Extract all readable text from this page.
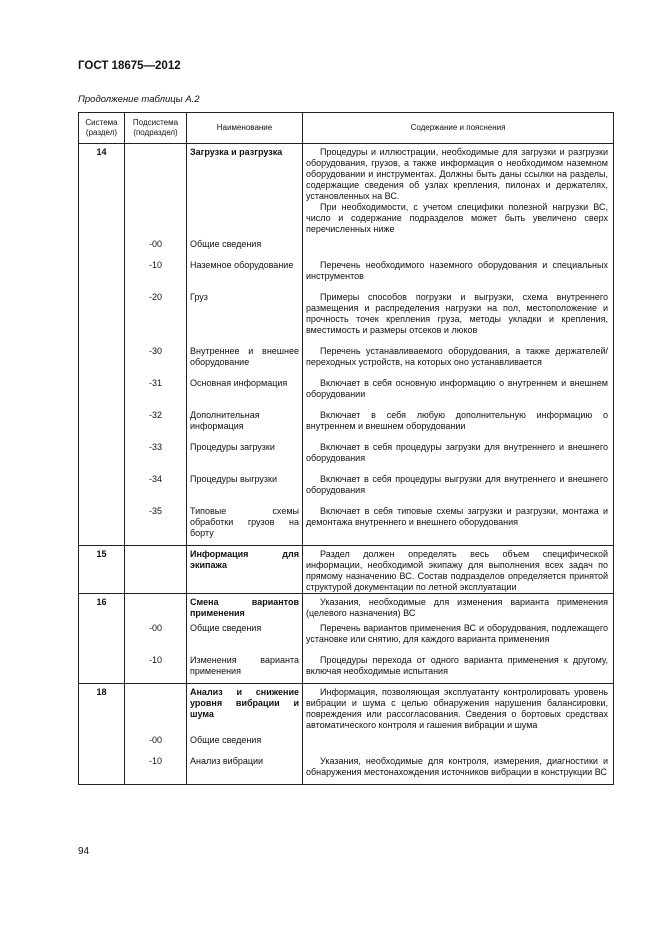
ГОСТ 18675—2012
Продолжение таблицы А.2
Система (раздел)	Подсистема (подраздел)	Наименование	Содержание и пояснения
14		Загрузка и разгрузка	Процедуры и иллюстрации, необходимые для загрузки и разгрузки оборудования, грузов, а также информация о необходимом наземном оборудовании и инструментах. Должны быть даны ссылки на разделы, содержащие сведения об узлах крепления, пилонах и держателях, установленных на ВС.

При необходимости, с учетом специфики полезной нагрузки ВС, число и содержание подразделов может быть увеличено сверх перечисленных ниже

	-00	Общие сведения	

	-10	Наземное оборудование	Перечень необходимого наземного оборудования и специальных инструментов

	-20	Груз	Примеры способов погрузки и выгрузки, схема внутреннего размещения и распределения нагрузки на пол, местоположение и прочность точек крепления груза, методы укладки и крепления, вместимость и размеры отсеков и люков

	-30	Внутреннее и внешнее оборудование	Перечень устанавливаемого оборудования, а также держателей/переходных устройств, на которых оно устанавливается

	-31	Основная информация	Включает в себя основную информацию о внутреннем и внешнем оборудовании

	-32	Дополнительная информация	Включает в себя любую дополнительную информацию о внутреннем и внешнем оборудовании

	-33	Процедуры загрузки	Включает в себя процедуры загрузки для внутреннего и внешнего оборудования

	-34	Процедуры выгрузки	Включает в себя процедуры выгрузки для внутреннего и внешнего оборудования

	-35	Типовые схемы обработки грузов на борту	Включает в себя типовые схемы загрузки и разгрузки, монтажа и демонтажа внутреннего и внешнего оборудования

15		Информация для экипажа	Раздел должен определять весь объем специфической информации, необходимой экипажу для выполнения всех задач по прямому назначению ВС. Состав подразделов определяется принятой структурой документации по летной эксплуатации

16		Смена вариантов применения	Указания, необходимые для изменения варианта применения (целевого назначения) ВС

	-00	Общие сведения	Перечень вариантов применения ВС и оборудования, подлежащего установке или снятию, для каждого варианта применения

	-10	Изменения варианта применения	Процедуры перехода от одного варианта применения к другому, включая необходимые испытания

18		Анализ и снижение уровня вибрации и шума	Информация, позволяющая эксплуатанту контролировать уровень вибрации и шума с целью обнаружения нарушения балансировки, повреждения или рассогласования. Сведения о бортовых средствах автоматического контроля и гашения вибрации и шума

	-00	Общие сведения	

	-10	Анализ вибрации	Указания, необходимые для контроля, измерения, диагностики и обнаружения местонахождения источников вибрации в конструкции ВС

94
